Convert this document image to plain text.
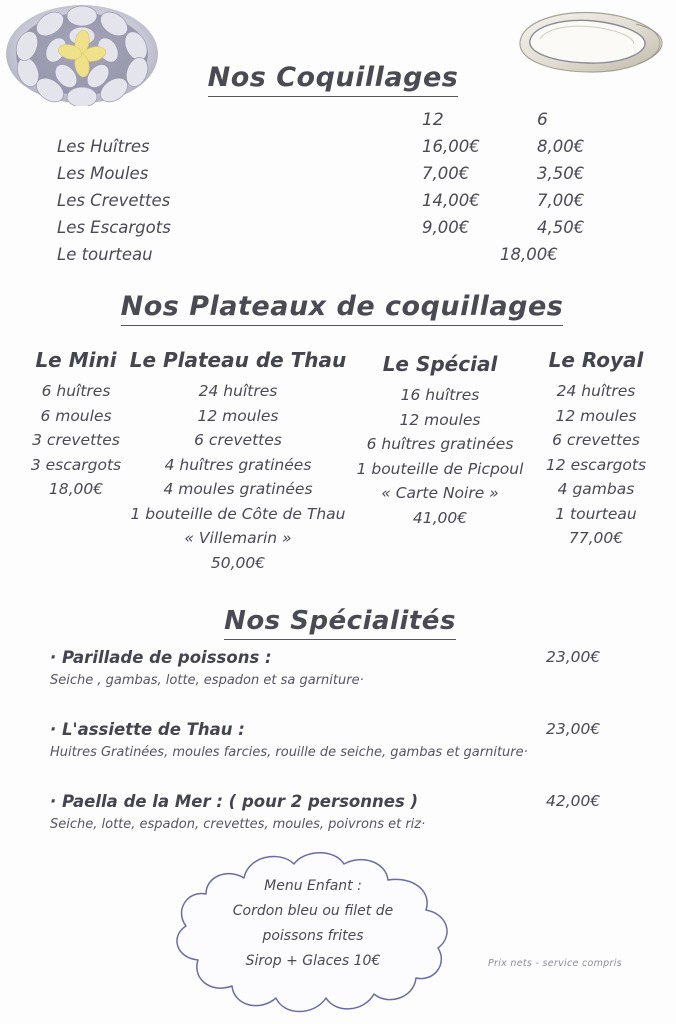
Nos Coquillages
12	6
Les Huîtres	16,00€	8,00€
Les Moules	7,00€	3,50€
Les Crevettes	14,00€	7,00€
Les Escargots	9,00€	4,50€
Le tourteau	18,00€
Nos Plateaux de coquillages
Le Mini
6 huîtres
6 moules
3 crevettes
3 escargots
18,00€
Le Plateau de Thau
24 huîtres
12 moules
6 crevettes
4 huîtres gratinées
4 moules gratinées
1 bouteille de Côte de Thau
« Villemarin »
50,00€
Le Spécial
16 huîtres
12 moules
6 huîtres gratinées
1 bouteille de Picpoul
« Carte Noire »
41,00€
Le Royal
24 huîtres
12 moules
6 crevettes
12 escargots
4 gambas
1 tourteau
77,00€
Nos Spécialités
· Parillade de poissons :	23,00€
Seiche , gambas, lotte, espadon et sa garniture·
· L'assiette de Thau :	23,00€
Huitres Gratinées, moules farcies, rouille de seiche, gambas et garniture·
· Paella de la Mer : ( pour 2 personnes )	42,00€
Seiche, lotte, espadon, crevettes, moules, poivrons et riz·
Menu Enfant :
Cordon bleu ou filet de
poissons frites
Sirop + Glaces 10€	Prix nets - service compris
